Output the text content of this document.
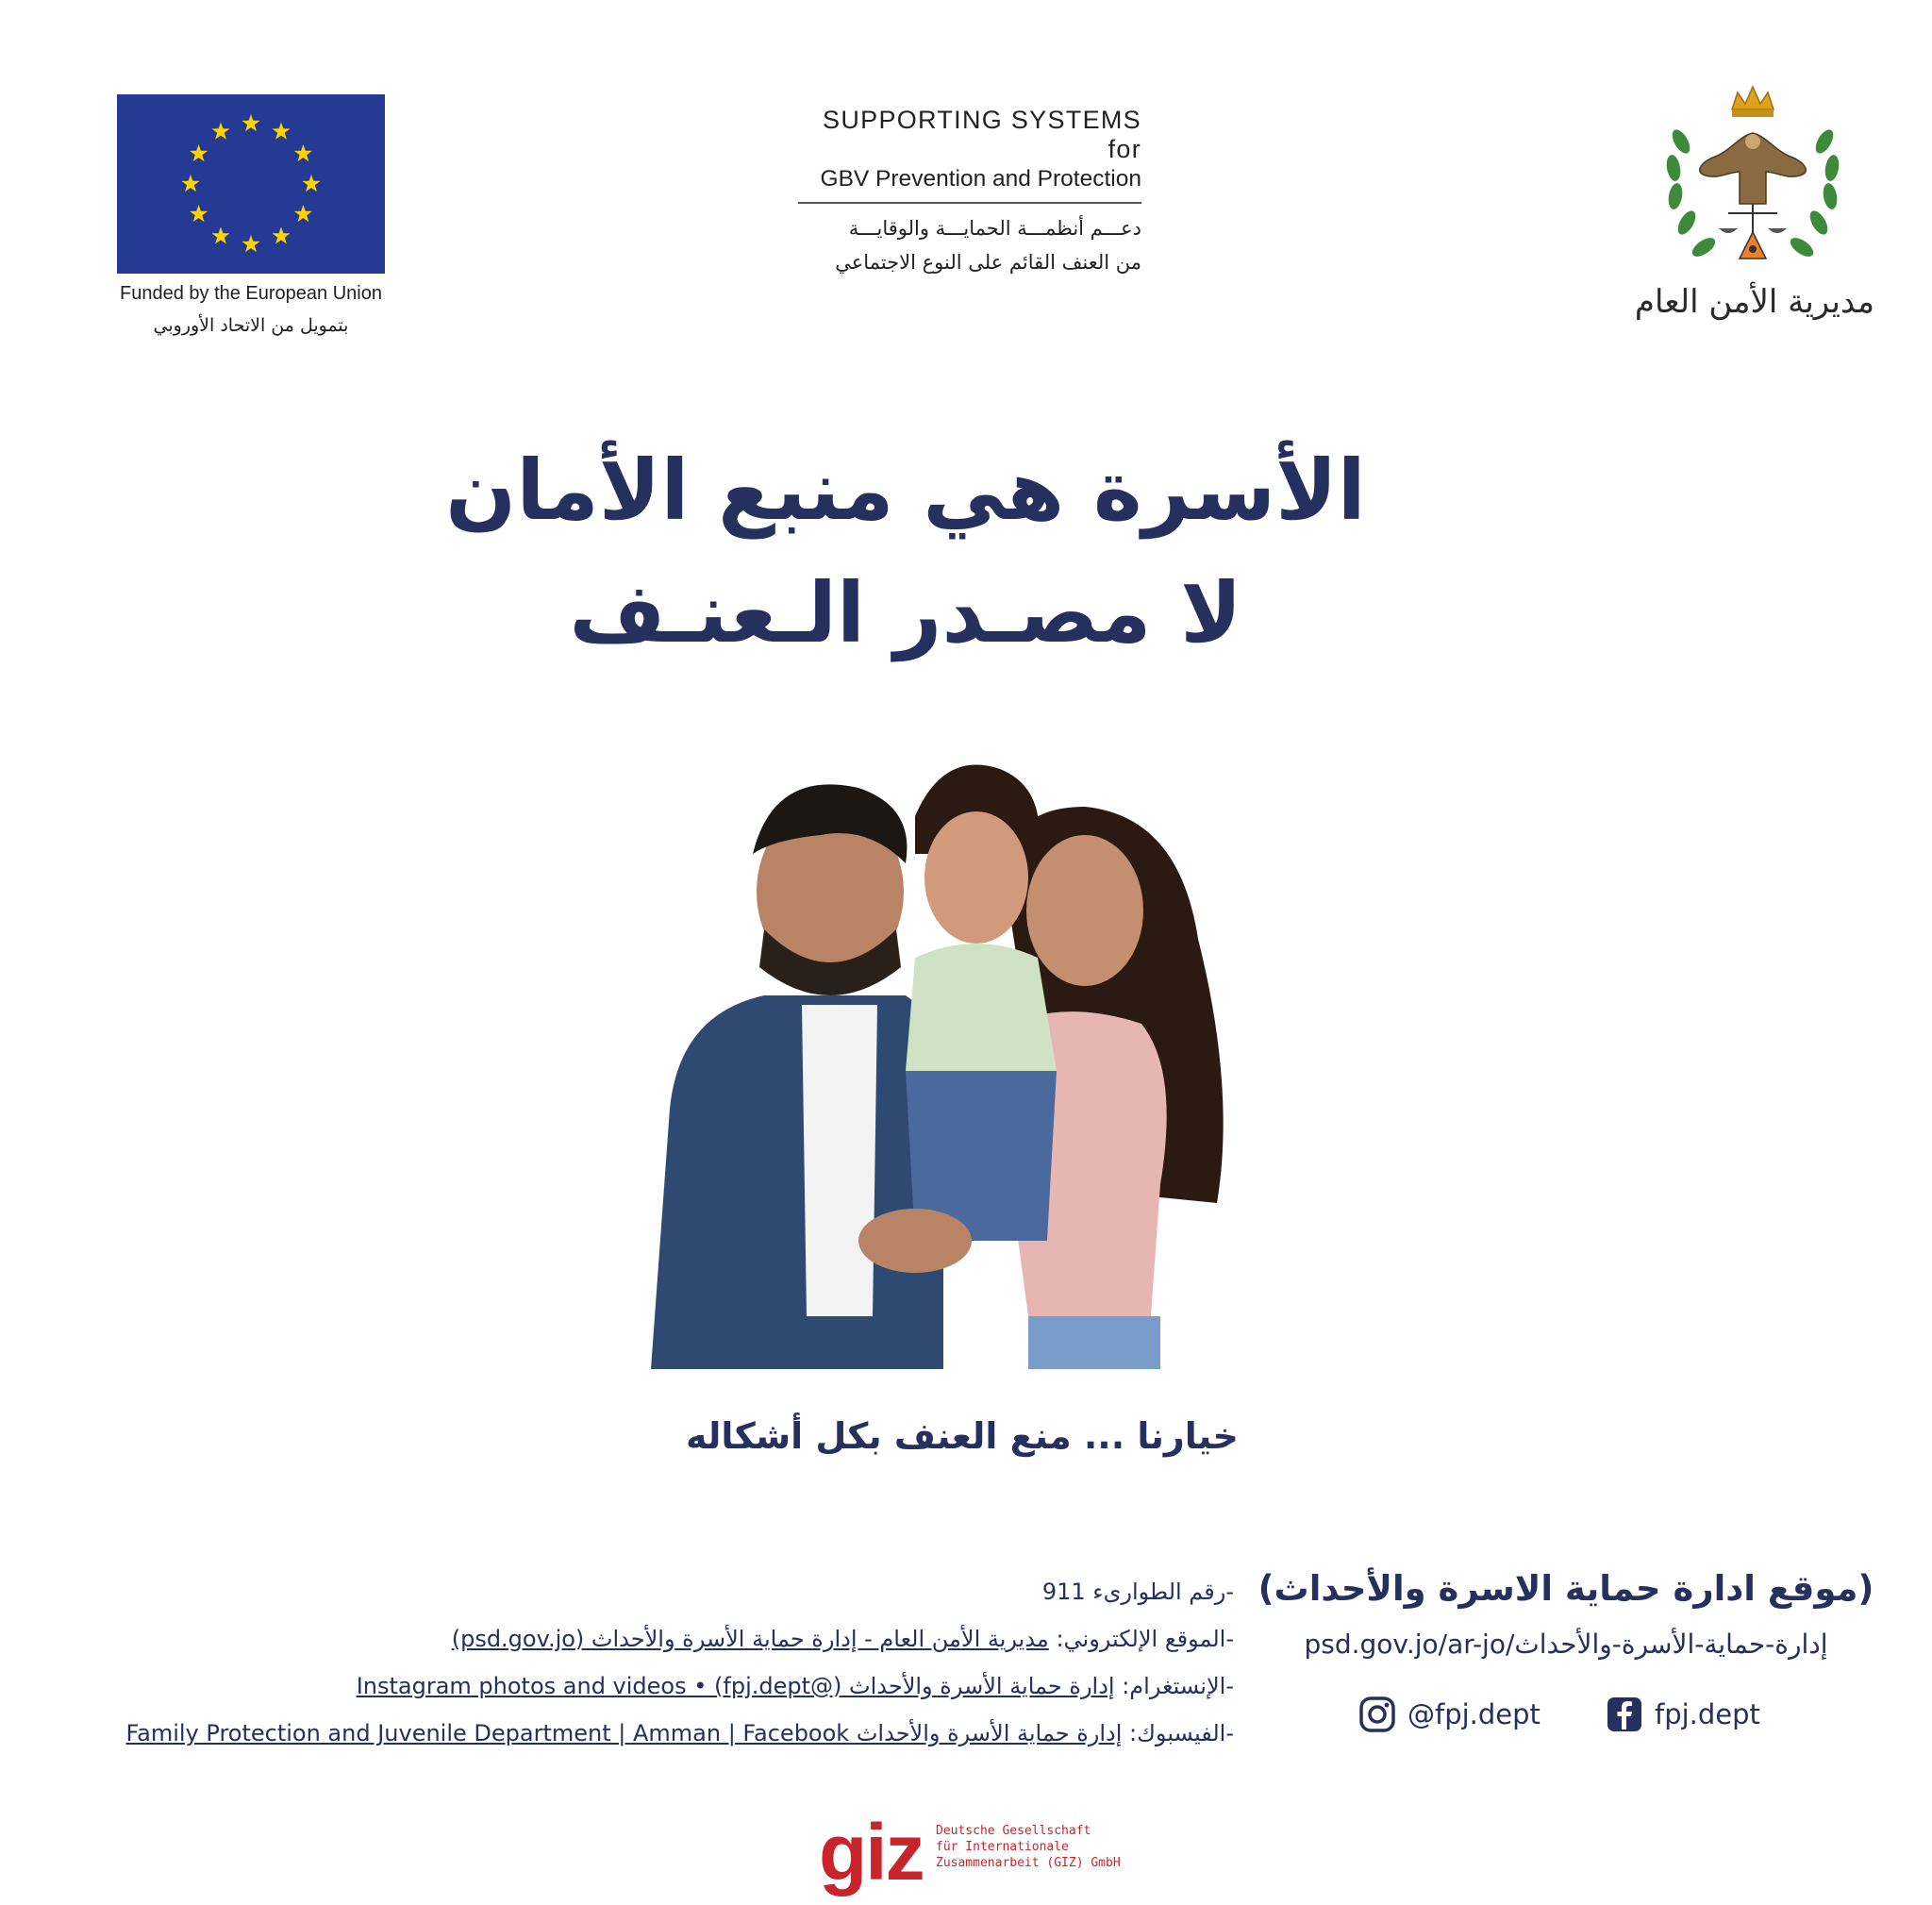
Funded by the European Union
بتمويل من الاتحاد الأوروبي
SUPPORTING SYSTEMS for
GBV Prevention and Protection
دعـــم أنظمـــة الحمايـــة والوقايـــة
من العنف القائم على النوع الاجتماعي
مديرية الأمن العام
الأسرة هي منبع الأمان
لا مصـدر الـعنـف
خيارنا ... منع العنف بكل أشكاله
-رقم الطوارىء 911
-الموقع الإلكتروني: مديرية الأمن العام - إدارة حماية الأسرة والأحداث (psd.gov.jo)
-الإنستغرام: إدارة حماية الأسرة والأحداث (@fpj.dept) • Instagram photos and videos
-الفيسبوك: إدارة حماية الأسرة والأحداث Family Protection and Juvenile Department | Amman | Facebook
(موقع ادارة حماية الاسرة والأحداث)
psd.gov.jo/ar-jo/إدارة-حماية-الأسرة-والأحداث
@fpj.dept	fpj.dept
giz Deutsche Gesellschaft
für Internationale
Zusammenarbeit (GIZ) GmbH
